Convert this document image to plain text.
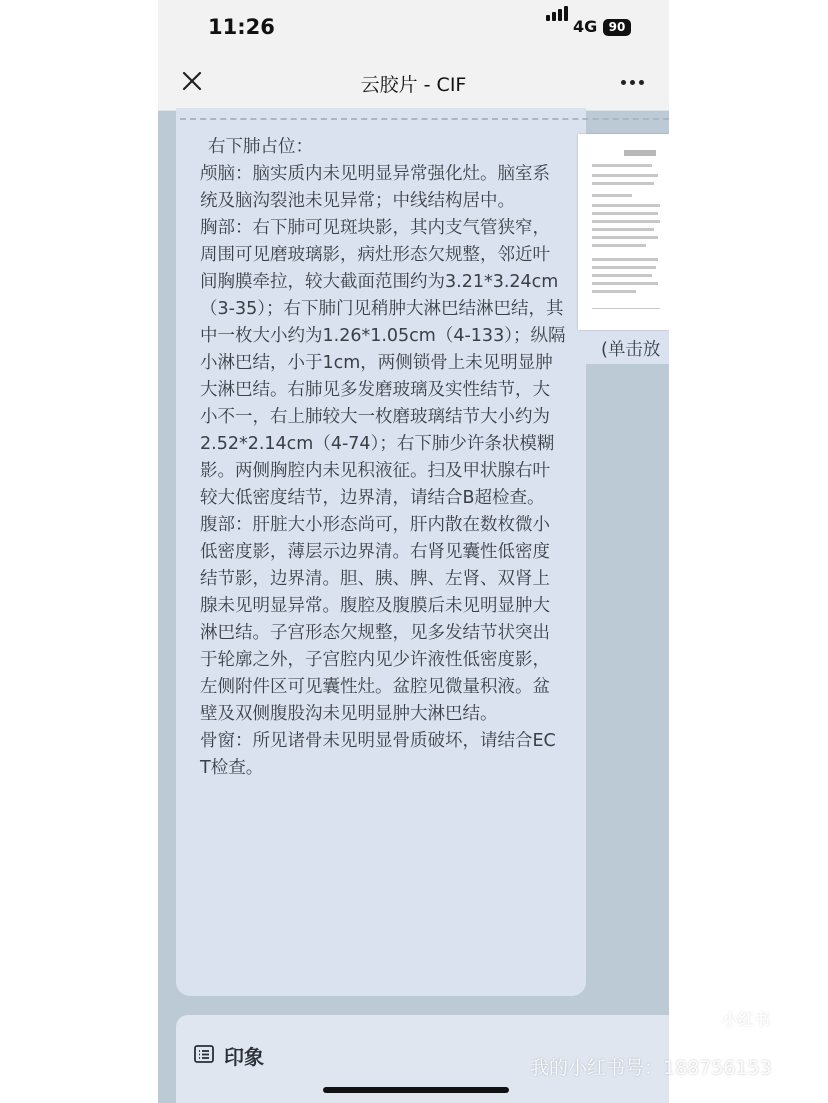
11:26	4G 90
云胶片 - CIF
右下肺占位：
颅脑：脑实质内未见明显异常强化灶。脑室系统及脑沟裂池未见异常；中线结构居中。
胸部：右下肺可见斑块影，其内支气管狭窄，周围可见磨玻璃影，病灶形态欠规整，邻近叶间胸膜牵拉，较大截面范围约为3.21*3.24cm（3-35）；右下肺门见稍肿大淋巴结淋巴结，其中一枚大小约为1.26*1.05cm（4-133）；纵隔小淋巴结，小于1cm，两侧锁骨上未见明显肿大淋巴结。右肺见多发磨玻璃及实性结节，大小不一，右上肺较大一枚磨玻璃结节大小约为2.52*2.14cm（4-74）；右下肺少许条状模糊影。两侧胸腔内未见积液征。扫及甲状腺右叶较大低密度结节，边界清，请结合B超检查。
腹部：肝脏大小形态尚可，肝内散在数枚微小低密度影，薄层示边界清。右肾见囊性低密度结节影，边界清。胆、胰、脾、左肾、双肾上腺未见明显异常。腹腔及腹膜后未见明显肿大淋巴结。子宫形态欠规整，见多发结节状突出于轮廓之外，子宫腔内见少许液性低密度影，左侧附件区可见囊性灶。盆腔见微量积液。盆壁及双侧腹股沟未见明显肿大淋巴结。
骨窗：所见诸骨未见明显骨质破坏，请结合ECT检查。
(单击放
印象
小红书
我的小红书号：188756153
